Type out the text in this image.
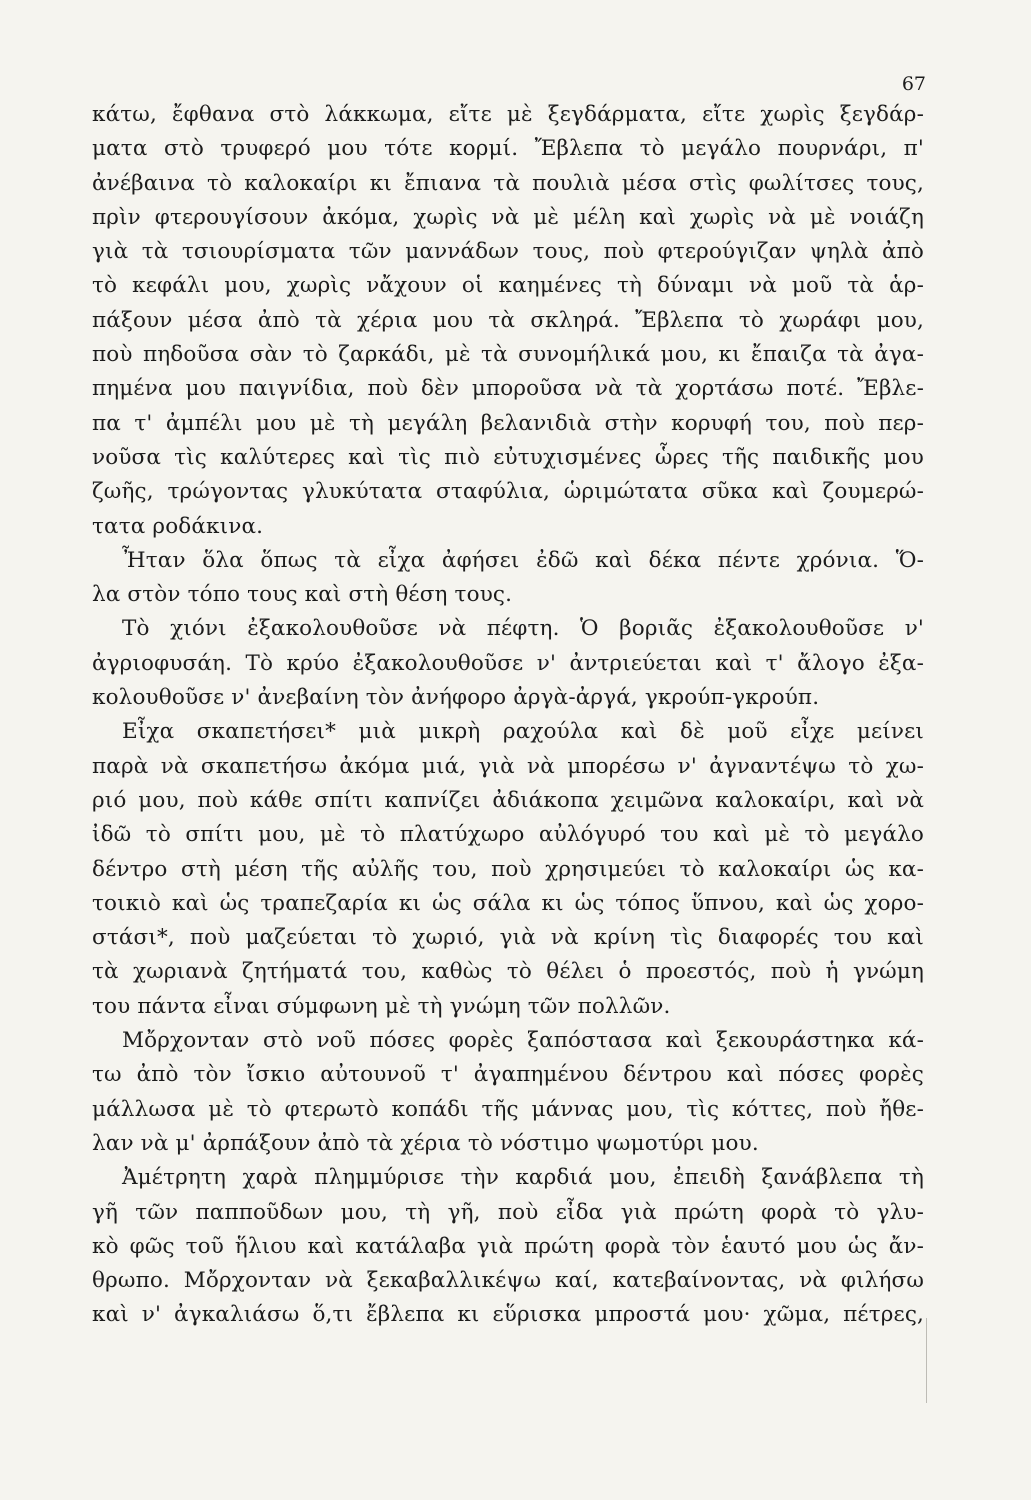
67
κάτω, ἔφθανα στὸ λάκκωμα, εἴτε μὲ ξεγδάρματα, εἴτε χωρὶς ξεγδάρ-
ματα στὸ τρυφερό μου τότε κορμί. Ἔβλεπα τὸ μεγάλο πουρνάρι, π'
ἀνέβαινα τὸ καλοκαίρι κι ἔπιανα τὰ πουλιὰ μέσα στὶς φωλίτσες τους,
πρὶν φτερουγίσουν ἀκόμα, χωρὶς νὰ μὲ μέλη καὶ χωρὶς νὰ μὲ νοιάζη
γιὰ τὰ τσιουρίσματα τῶν μαννάδων τους, ποὺ φτερούγιζαν ψηλὰ ἀπὸ
τὸ κεφάλι μου, χωρὶς νἄχουν οἱ καημένες τὴ δύναμι νὰ μοῦ τὰ ἁρ-
πάξουν μέσα ἀπὸ τὰ χέρια μου τὰ σκληρά. Ἔβλεπα τὸ χωράφι μου,
ποὺ πηδοῦσα σὰν τὸ ζαρκάδι, μὲ τὰ συνομήλικά μου, κι ἔπαιζα τὰ ἀγα-
πημένα μου παιγνίδια, ποὺ δὲν μποροῦσα νὰ τὰ χορτάσω ποτέ. Ἔβλε-
πα τ' ἀμπέλι μου μὲ τὴ μεγάλη βελανιδιὰ στὴν κορυφή του, ποὺ περ-
νοῦσα τὶς καλύτερες καὶ τὶς πιὸ εὐτυχισμένες ὧρες τῆς παιδικῆς μου
ζωῆς, τρώγοντας γλυκύτατα σταφύλια, ὡριμώτατα σῦκα καὶ ζουμερώ-
τατα ροδάκινα.
Ἦταν ὅλα ὅπως τὰ εἶχα ἀφήσει ἐδῶ καὶ δέκα πέντε χρόνια. Ὅ-
λα στὸν τόπο τους καὶ στὴ θέση τους.
Τὸ χιόνι ἐξακολουθοῦσε νὰ πέφτη. Ὁ βοριᾶς ἐξακολουθοῦσε ν'
ἀγριοφυσάη. Τὸ κρύο ἐξακολουθοῦσε ν' ἀντριεύεται καὶ τ' ἄλογο ἐξα-
κολουθοῦσε ν' ἀνεβαίνη τὸν ἀνήφορο ἀργὰ-ἀργά, γκρούπ-γκρούπ.
Εἶχα σκαπετήσει* μιὰ μικρὴ ραχούλα καὶ δὲ μοῦ εἶχε μείνει
παρὰ νὰ σκαπετήσω ἀκόμα μιά, γιὰ νὰ μπορέσω ν' ἀγναντέψω τὸ χω-
ριό μου, ποὺ κάθε σπίτι καπνίζει ἀδιάκοπα χειμῶνα καλοκαίρι, καὶ νὰ
ἰδῶ τὸ σπίτι μου, μὲ τὸ πλατύχωρο αὐλόγυρό του καὶ μὲ τὸ μεγάλο
δέντρο στὴ μέση τῆς αὐλῆς του, ποὺ χρησιμεύει τὸ καλοκαίρι ὡς κα-
τοικιὸ καὶ ὡς τραπεζαρία κι ὡς σάλα κι ὡς τόπος ὕπνου, καὶ ὡς χορο-
στάσι*, ποὺ μαζεύεται τὸ χωριό, γιὰ νὰ κρίνη τὶς διαφορές του καὶ
τὰ χωριανὰ ζητήματά του, καθὼς τὸ θέλει ὁ προεστός, ποὺ ἡ γνώμη
του πάντα εἶναι σύμφωνη μὲ τὴ γνώμη τῶν πολλῶν.
Μὄρχονταν στὸ νοῦ πόσες φορὲς ξαπόστασα καὶ ξεκουράστηκα κά-
τω ἀπὸ τὸν ἴσκιο αὐτουνοῦ τ' ἀγαπημένου δέντρου καὶ πόσες φορὲς
μάλλωσα μὲ τὸ φτερωτὸ κοπάδι τῆς μάννας μου, τὶς κόττες, ποὺ ἤθε-
λαν νὰ μ' ἀρπάξουν ἀπὸ τὰ χέρια τὸ νόστιμο ψωμοτύρι μου.
Ἀμέτρητη χαρὰ πλημμύρισε τὴν καρδιά μου, ἐπειδὴ ξανάβλεπα τὴ
γῆ τῶν παπποῦδων μου, τὴ γῆ, ποὺ εἶδα γιὰ πρώτη φορὰ τὸ γλυ-
κὸ φῶς τοῦ ἥλιου καὶ κατάλαβα γιὰ πρώτη φορὰ τὸν ἑαυτό μου ὡς ἄν-
θρωπο. Μὄρχονταν νὰ ξεκαβαλλικέψω καί, κατεβαίνοντας, νὰ φιλήσω
καὶ ν' ἀγκαλιάσω ὅ,τι ἔβλεπα κι εὕρισκα μπροστά μου· χῶμα, πέτρες,
